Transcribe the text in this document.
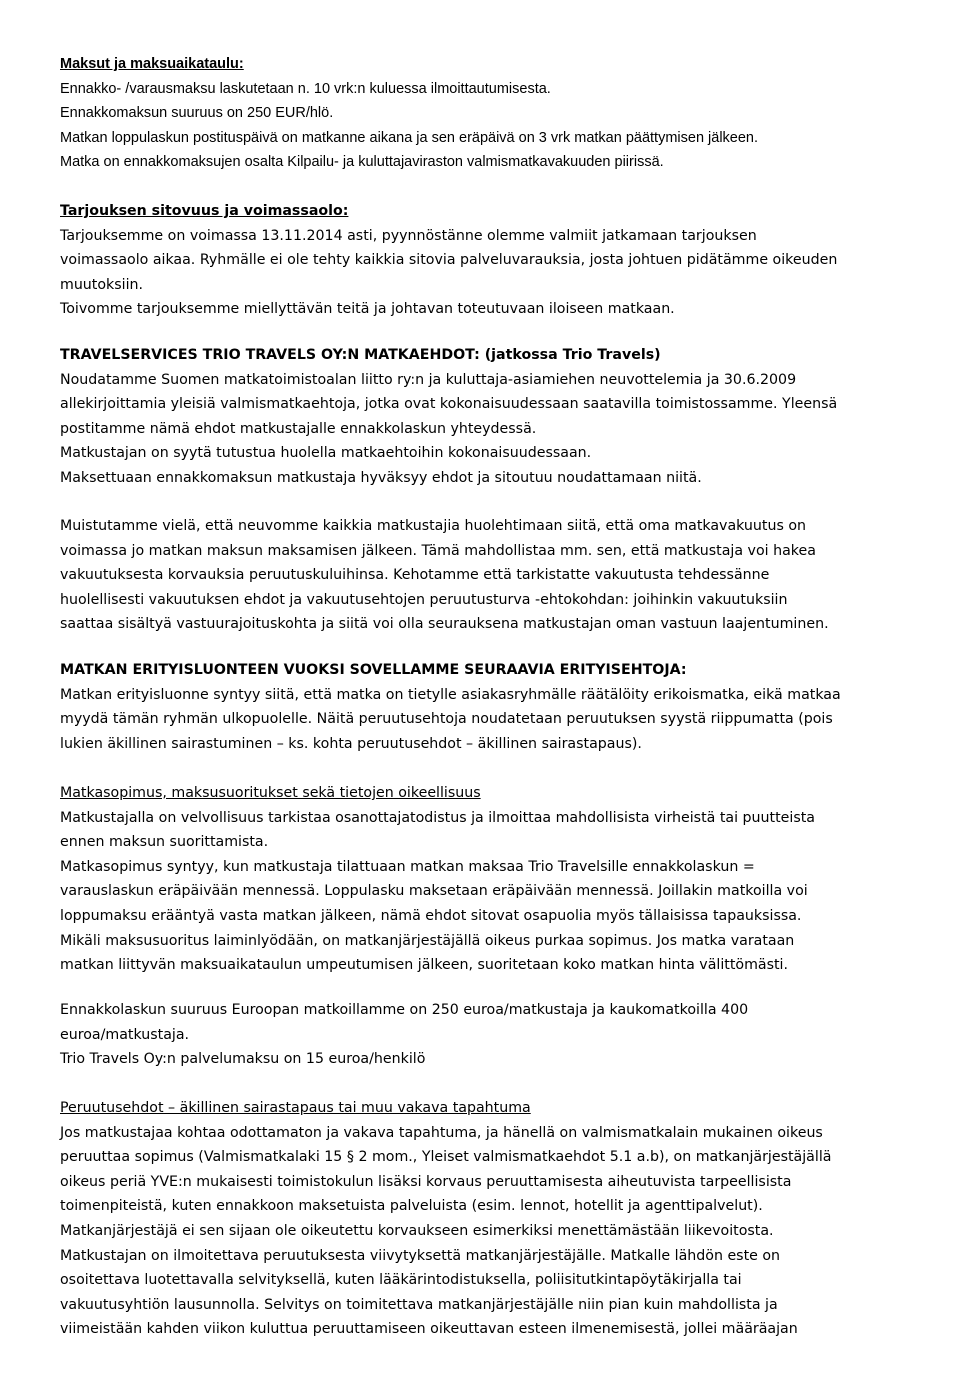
Maksut ja maksuaikataulu:
Ennakko- /varausmaksu laskutetaan n. 10 vrk:n kuluessa ilmoittautumisesta.
Ennakkomaksun suuruus on 250 EUR/hlö.
Matkan loppulaskun postituspäivä on matkanne aikana ja sen eräpäivä on 3 vrk matkan päättymisen jälkeen.
Matka on ennakkomaksujen osalta Kilpailu- ja kuluttajaviraston valmismatkavakuuden piirissä.
Tarjouksen sitovuus ja voimassaolo:
Tarjouksemme on voimassa 13.11.2014 asti, pyynnöstänne olemme valmiit jatkamaan tarjouksen
voimassaolo aikaa. Ryhmälle ei ole tehty kaikkia sitovia palveluvarauksia, josta johtuen pidätämme oikeuden
muutoksiin.
Toivomme tarjouksemme miellyttävän teitä ja johtavan toteutuvaan iloiseen matkaan.
TRAVELSERVICES TRIO TRAVELS OY:N MATKAEHDOT: (jatkossa Trio Travels)
Noudatamme Suomen matkatoimistoalan liitto ry:n ja kuluttaja-asiamiehen neuvottelemia ja 30.6.2009
allekirjoittamia yleisiä valmismatkaehtoja, jotka ovat kokonaisuudessaan saatavilla toimistossamme. Yleensä
postitamme nämä ehdot matkustajalle ennakkolaskun yhteydessä.
Matkustajan on syytä tutustua huolella matkaehtoihin kokonaisuudessaan.
Maksettuaan ennakkomaksun matkustaja hyväksyy ehdot ja sitoutuu noudattamaan niitä.
Muistutamme vielä, että neuvomme kaikkia matkustajia huolehtimaan siitä, että oma matkavakuutus on
voimassa jo matkan maksun maksamisen jälkeen. Tämä mahdollistaa mm. sen, että matkustaja voi hakea
vakuutuksesta korvauksia peruutuskuluihinsa. Kehotamme että tarkistatte vakuutusta tehdessänne
huolellisesti vakuutuksen ehdot ja vakuutusehtojen peruutusturva -ehtokohdan: joihinkin vakuutuksiin
saattaa sisältyä vastuurajoituskohta ja siitä voi olla seurauksena matkustajan oman vastuun laajentuminen.
MATKAN ERITYISLUONTEEN VUOKSI SOVELLAMME SEURAAVIA ERITYISEHTOJA:
Matkan erityisluonne syntyy siitä, että matka on tietylle asiakasryhmälle räätälöity erikoismatka, eikä matkaa
myydä tämän ryhmän ulkopuolelle. Näitä peruutusehtoja noudatetaan peruutuksen syystä riippumatta (pois
lukien äkillinen sairastuminen – ks. kohta peruutusehdot – äkillinen sairastapaus).
Matkasopimus, maksusuoritukset sekä tietojen oikeellisuus
Matkustajalla on velvollisuus tarkistaa osanottajatodistus ja ilmoittaa mahdollisista virheistä tai puutteista
ennen maksun suorittamista.
Matkasopimus syntyy, kun matkustaja tilattuaan matkan maksaa Trio Travelsille ennakkolaskun =
varauslaskun eräpäivään mennessä. Loppulasku maksetaan eräpäivään mennessä. Joillakin matkoilla voi
loppumaksu erääntyä vasta matkan jälkeen, nämä ehdot sitovat osapuolia myös tällaisissa tapauksissa.
Mikäli maksusuoritus laiminlyödään, on matkanjärjestäjällä oikeus purkaa sopimus. Jos matka varataan
matkan liittyvän maksuaikataulun umpeutumisen jälkeen, suoritetaan koko matkan hinta välittömästi.
Ennakkolaskun suuruus Euroopan matkoillamme on 250 euroa/matkustaja ja kaukomatkoilla 400
euroa/matkustaja.
Trio Travels Oy:n palvelumaksu on 15 euroa/henkilö
Peruutusehdot – äkillinen sairastapaus tai muu vakava tapahtuma
Jos matkustajaa kohtaa odottamaton ja vakava tapahtuma, ja hänellä on valmismatkalain mukainen oikeus
peruuttaa sopimus (Valmismatkalaki 15 § 2 mom., Yleiset valmismatkaehdot 5.1 a.b), on matkanjärjestäjällä
oikeus periä YVE:n mukaisesti toimistokulun lisäksi korvaus peruuttamisesta aiheutuvista tarpeellisista
toimenpiteistä, kuten ennakkoon maksetuista palveluista (esim. lennot, hotellit ja agenttipalvelut).
Matkanjärjestäjä ei sen sijaan ole oikeutettu korvaukseen esimerkiksi menettämästään liikevoitosta.
Matkustajan on ilmoitettava peruutuksesta viivytyksettä matkanjärjestäjälle. Matkalle lähdön este on
osoitettava luotettavalla selvityksellä, kuten lääkärintodistuksella, poliisitutkintapöytäkirjalla tai
vakuutusyhtiön lausunnolla. Selvitys on toimitettava matkanjärjestäjälle niin pian kuin mahdollista ja
viimeistään kahden viikon kuluttua peruuttamiseen oikeuttavan esteen ilmenemisestä, jollei määräajan
